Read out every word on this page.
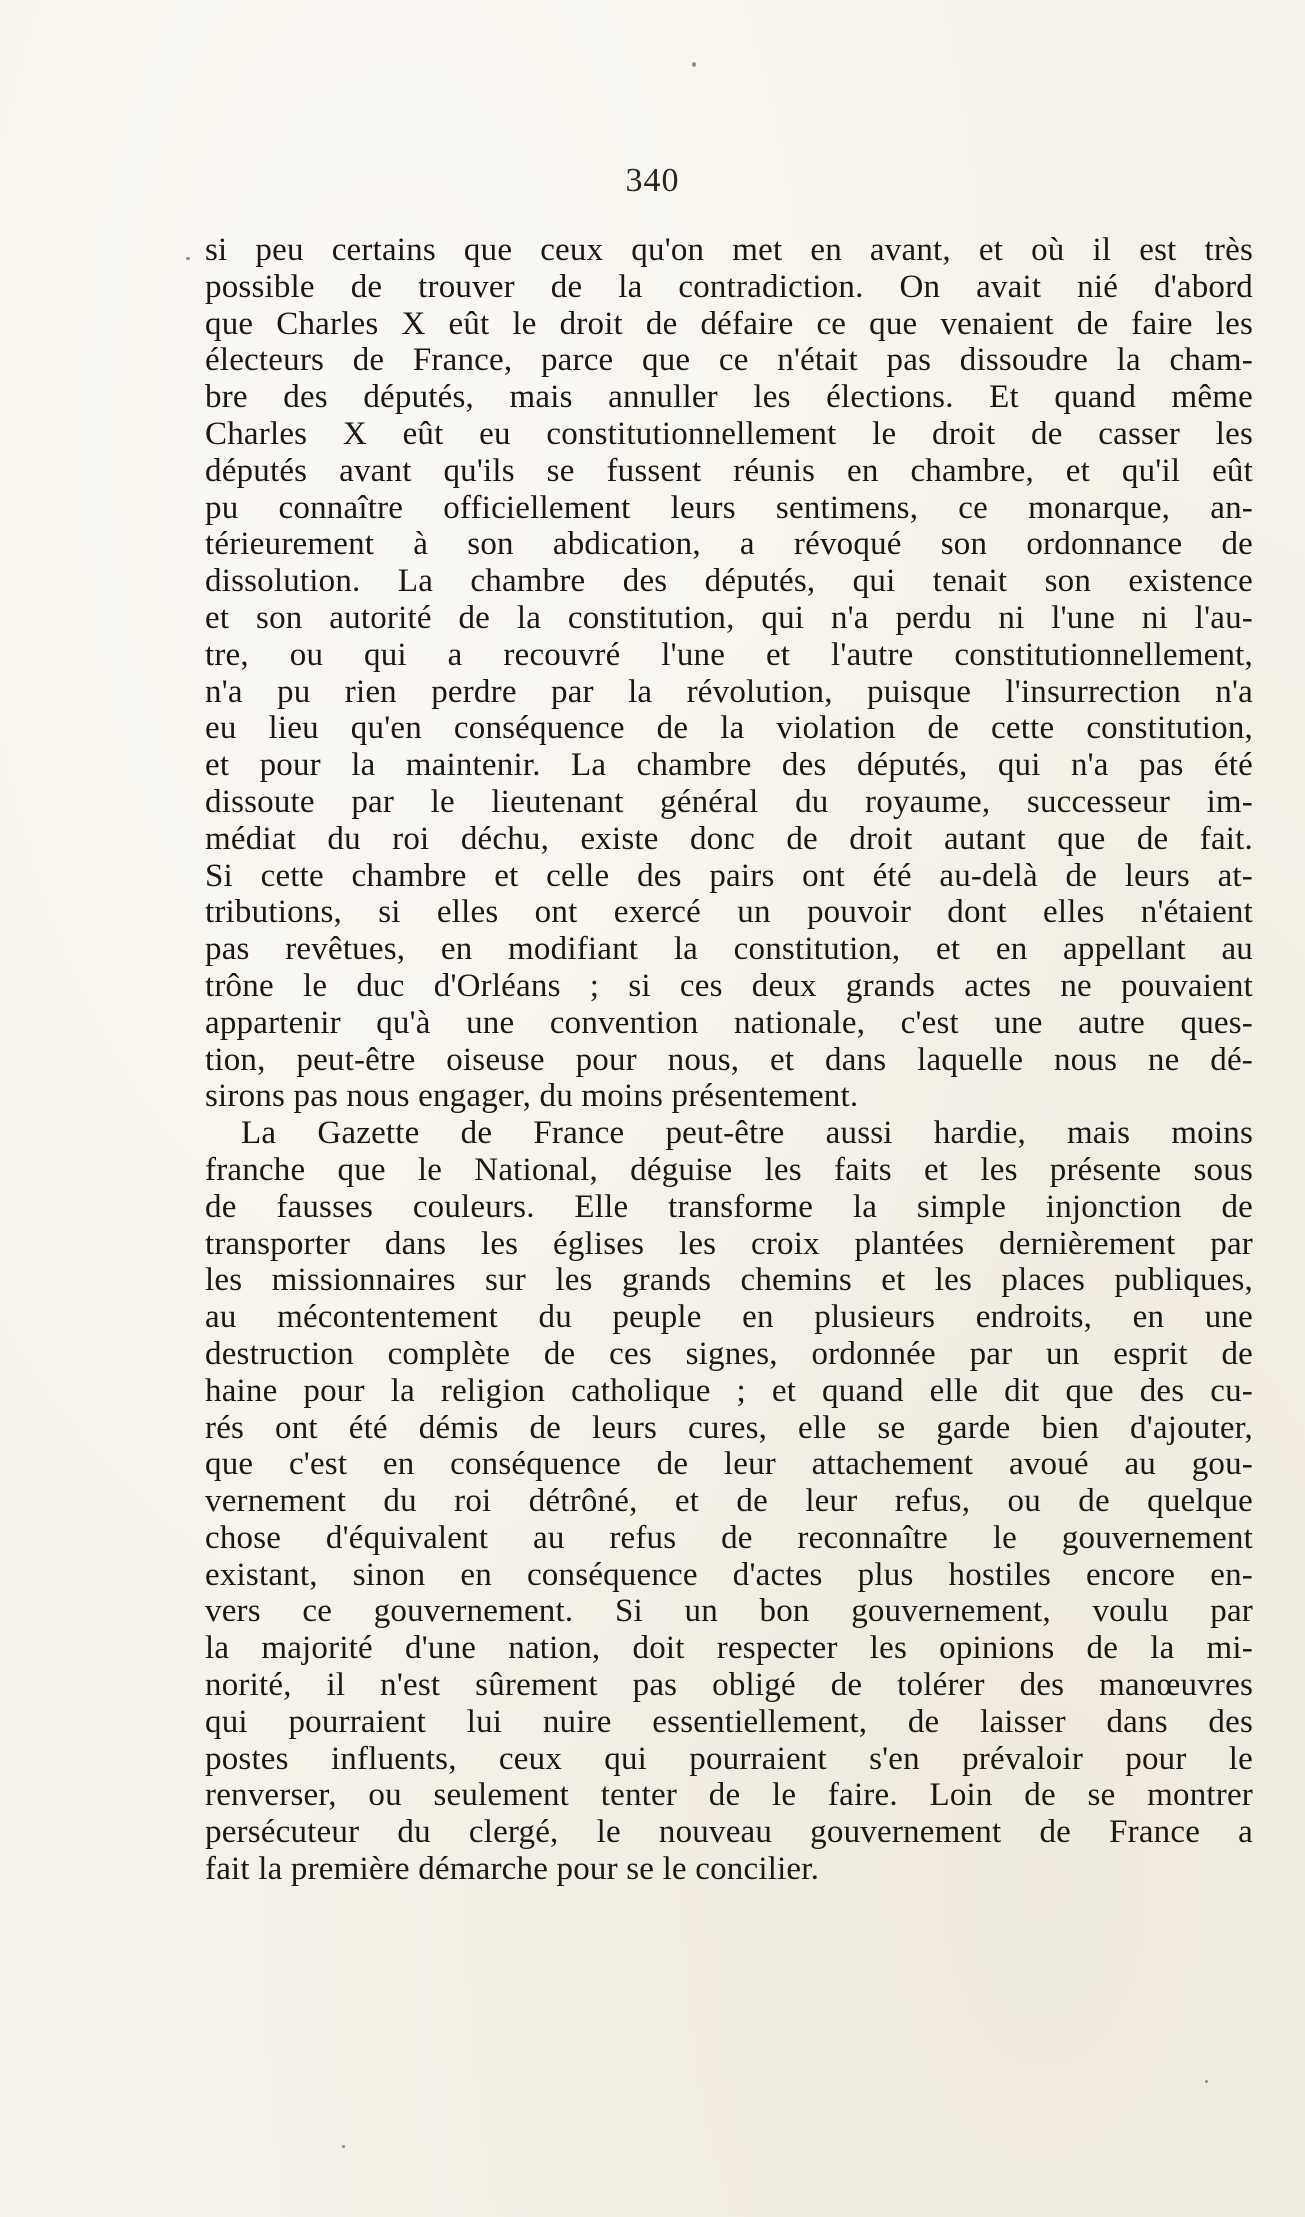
340
si peu certains que ceux qu'on met en avant, et où il est très
possible de trouver de la contradiction. On avait nié d'abord
que Charles X eût le droit de défaire ce que venaient de faire les
électeurs de France, parce que ce n'était pas dissoudre la cham-
bre des députés, mais annuller les élections. Et quand même
Charles X eût eu constitutionnellement le droit de casser les
députés avant qu'ils se fussent réunis en chambre, et qu'il eût
pu connaître officiellement leurs sentimens, ce monarque, an-
térieurement à son abdication, a révoqué son ordonnance de
dissolution. La chambre des députés, qui tenait son existence
et son autorité de la constitution, qui n'a perdu ni l'une ni l'au-
tre, ou qui a recouvré l'une et l'autre constitutionnellement,
n'a pu rien perdre par la révolution, puisque l'insurrection n'a
eu lieu qu'en conséquence de la violation de cette constitution,
et pour la maintenir. La chambre des députés, qui n'a pas été
dissoute par le lieutenant général du royaume, successeur im-
médiat du roi déchu, existe donc de droit autant que de fait.
Si cette chambre et celle des pairs ont été au-delà de leurs at-
tributions, si elles ont exercé un pouvoir dont elles n'étaient
pas revêtues, en modifiant la constitution, et en appellant au
trône le duc d'Orléans ; si ces deux grands actes ne pouvaient
appartenir qu'à une convention nationale, c'est une autre ques-
tion, peut-être oiseuse pour nous, et dans laquelle nous ne dé-
sirons pas nous engager, du moins présentement.
La Gazette de France peut-être aussi hardie, mais moins
franche que le National, déguise les faits et les présente sous
de fausses couleurs. Elle transforme la simple injonction de
transporter dans les églises les croix plantées dernièrement par
les missionnaires sur les grands chemins et les places publiques,
au mécontentement du peuple en plusieurs endroits, en une
destruction complète de ces signes, ordonnée par un esprit de
haine pour la religion catholique ; et quand elle dit que des cu-
rés ont été démis de leurs cures, elle se garde bien d'ajouter,
que c'est en conséquence de leur attachement avoué au gou-
vernement du roi détrôné, et de leur refus, ou de quelque
chose d'équivalent au refus de reconnaître le gouvernement
existant, sinon en conséquence d'actes plus hostiles encore en-
vers ce gouvernement. Si un bon gouvernement, voulu par
la majorité d'une nation, doit respecter les opinions de la mi-
norité, il n'est sûrement pas obligé de tolérer des manœuvres
qui pourraient lui nuire essentiellement, de laisser dans des
postes influents, ceux qui pourraient s'en prévaloir pour le
renverser, ou seulement tenter de le faire. Loin de se montrer
persécuteur du clergé, le nouveau gouvernement de France a
fait la première démarche pour se le concilier.
